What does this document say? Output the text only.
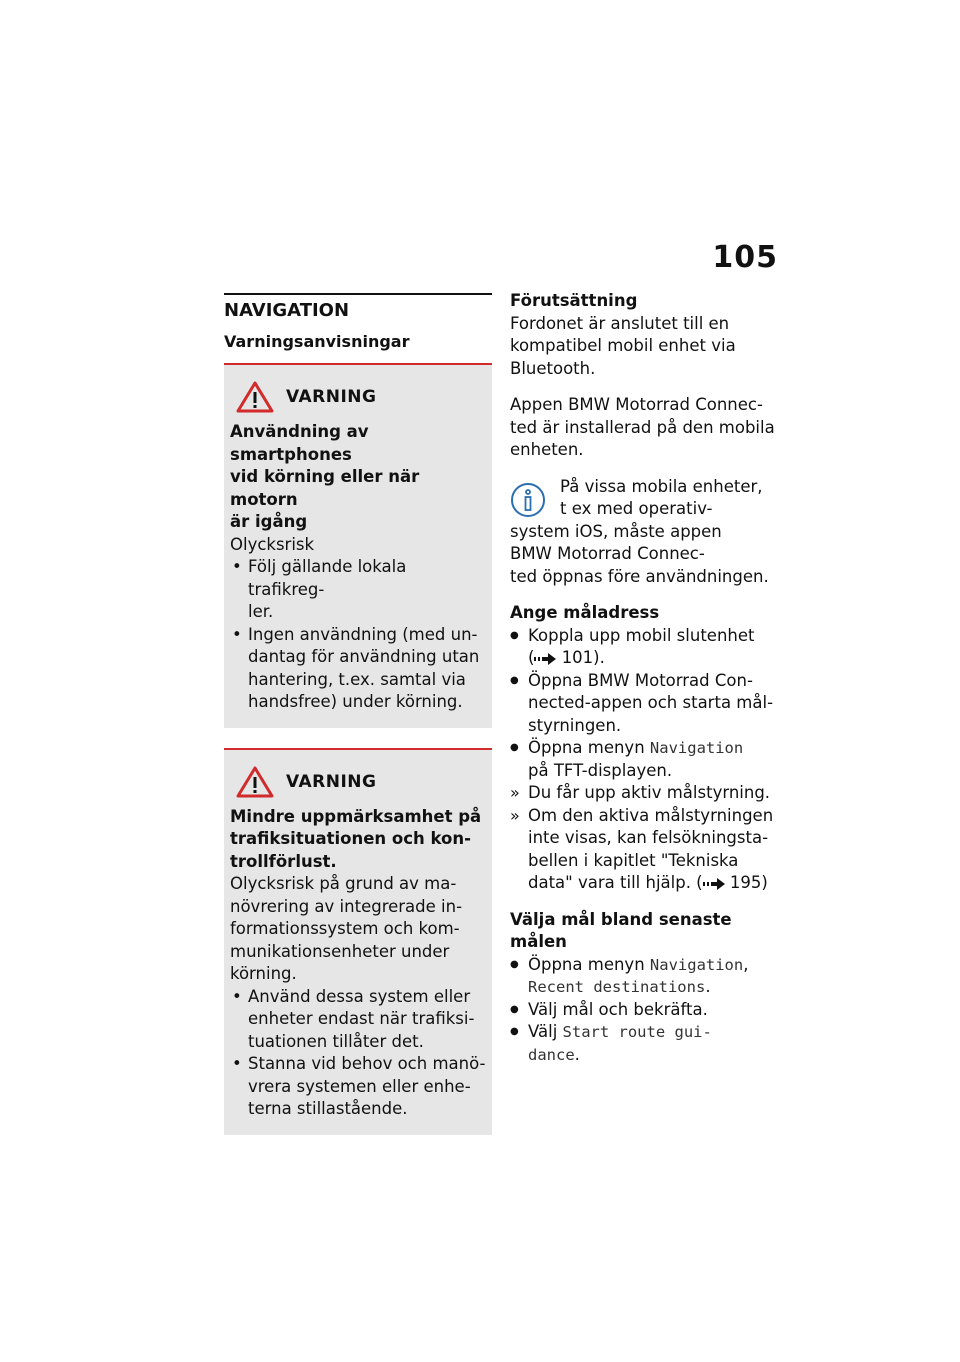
105
NAVIGATION
Varningsanvisningar
VARNING
Användning av smartphones
vid körning eller när motorn
är igång
Olycksrisk
• Följ gällande lokala trafikreg-
ler.
• Ingen användning (med un-
dantag för användning utan
hantering, t.ex. samtal via
handsfree) under körning.
VARNING
Mindre uppmärksamhet på
trafiksituationen och kon-
trollförlust.
Olycksrisk på grund av ma-
növrering av integrerade in-
formationssystem och kom-
munikationsenheter under
körning.
• Använd dessa system eller
enheter endast när trafiksi-
tuationen tillåter det.
• Stanna vid behov och manö-
vrera systemen eller enhe-
terna stillastående.
Förutsättning
Fordonet är anslutet till en
kompatibel mobil enhet via
Bluetooth.
Appen BMW Motorrad Connec-
ted är installerad på den mobila
enheten.
På vissa mobila enheter,
t ex med operativ-
system iOS, måste appen
BMW Motorrad Connec-
ted öppnas före användningen.
Ange måladress
● Koppla upp mobil slutenhet
( 101).
● Öppna BMW Motorrad Con-
nected-appen och starta mål-
styrningen.
● Öppna menyn Navigation
på TFT-displayen.
» Du får upp aktiv målstyrning.
» Om den aktiva målstyrningen
inte visas, kan felsökningsta-
bellen i kapitlet "Tekniska
data" vara till hjälp. ( 195)
Välja mål bland senaste målen
● Öppna menyn Navigation,
Recent destinations.
● Välj mål och bekräfta.
● Välj Start route gui-
dance.
